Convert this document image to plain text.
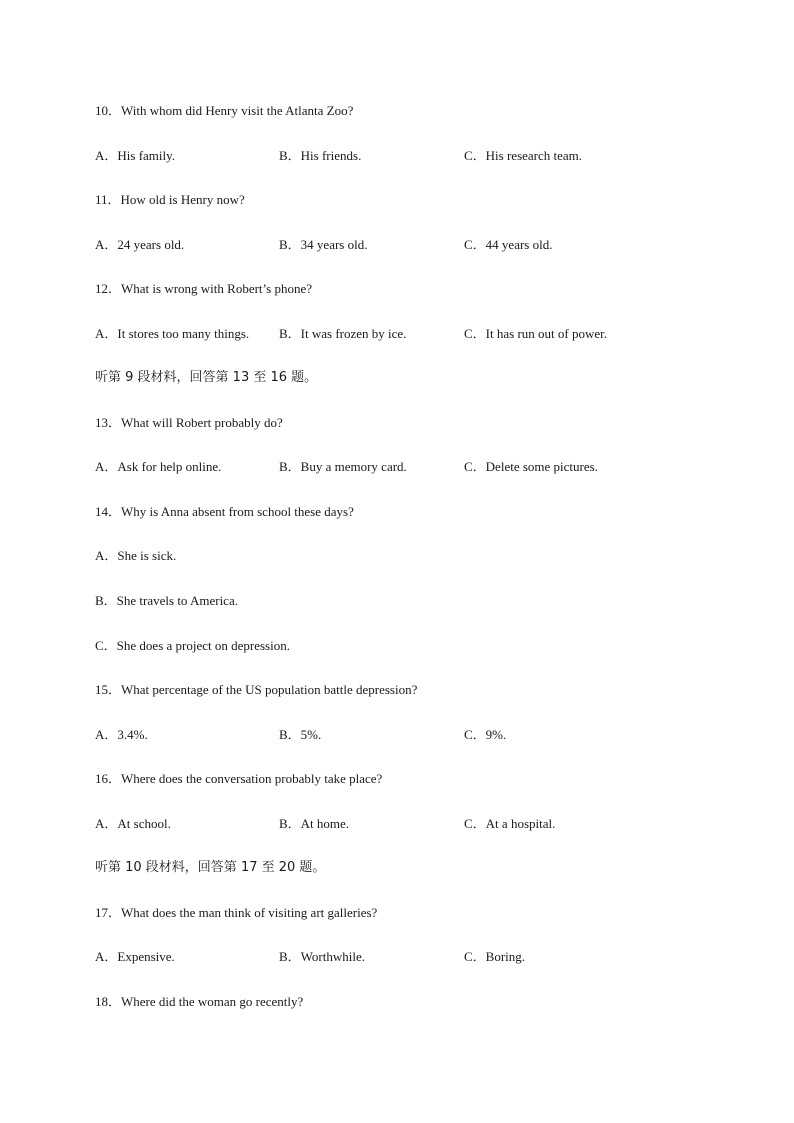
10．With whom did Henry visit the Atlanta Zoo?
A．His family.	B．His friends.	C．His research team.
11．How old is Henry now?
A．24 years old.	B．34 years old.	C．44 years old.
12．What is wrong with Robert’s phone?
A．It stores too many things. B．It was frozen by ice.	C．It has run out of power.
听第 9 段材料，回答第 13 至 16 题。
13．What will Robert probably do?
A．Ask for help online.	B．Buy a memory card.	C．Delete some pictures.
14．Why is Anna absent from school these days?
A．She is sick.
B．She travels to America.
C．She does a project on depression.
15．What percentage of the US population battle depression?
A．3.4%.	B．5%.	C．9%.
16．Where does the conversation probably take place?
A．At school.	B．At home.	C．At a hospital.
听第 10 段材料，回答第 17 至 20 题。
17．What does the man think of visiting art galleries?
A．Expensive.	B．Worthwhile.	C．Boring.
18．Where did the woman go recently?
